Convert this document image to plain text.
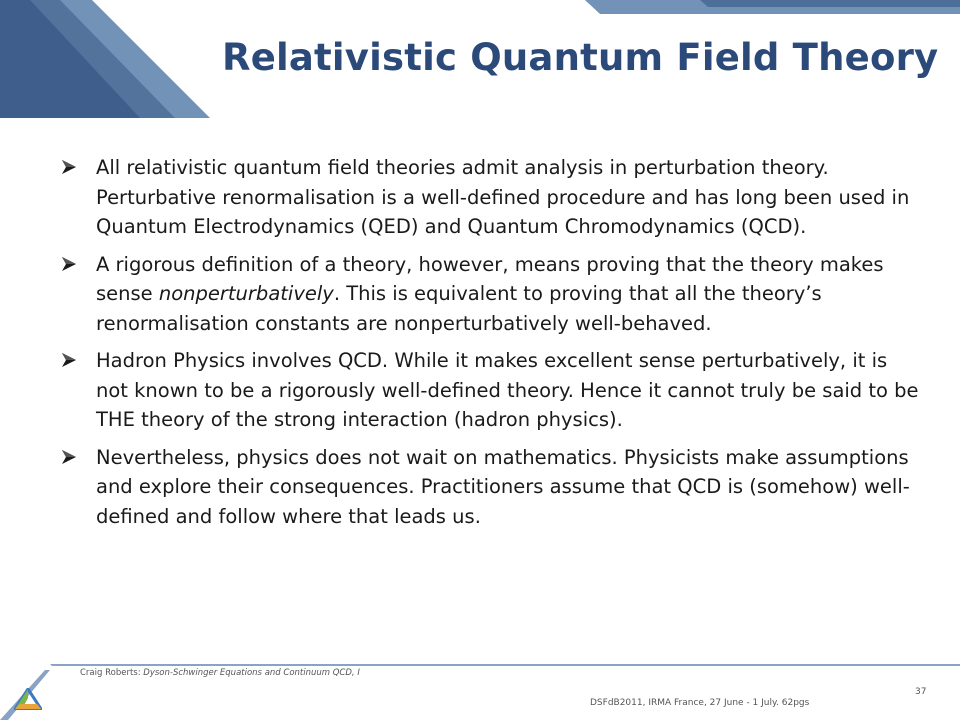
Relativistic Quantum Field Theory
All relativistic quantum field theories admit analysis in perturbation theory. Perturbative renormalisation is a well-defined procedure and has long been used in Quantum Electrodynamics (QED) and Quantum Chromodynamics (QCD).
A rigorous definition of a theory, however, means proving that the theory makes sense nonperturbatively. This is equivalent to proving that all the theory’s renormalisation constants are nonperturbatively well-behaved.
Hadron Physics involves QCD. While it makes excellent sense perturbatively, it is not known to be a rigorously well-defined theory. Hence it cannot truly be said to be THE theory of the strong interaction (hadron physics).
Nevertheless, physics does not wait on mathematics. Physicists make assumptions and explore their consequences. Practitioners assume that QCD is (somehow) well-defined and follow where that leads us.
Craig Roberts: Dyson-Schwinger Equations and Continuum QCD, I
DSFdB2011, IRMA France, 27 June - 1 July. 62pgs
37
